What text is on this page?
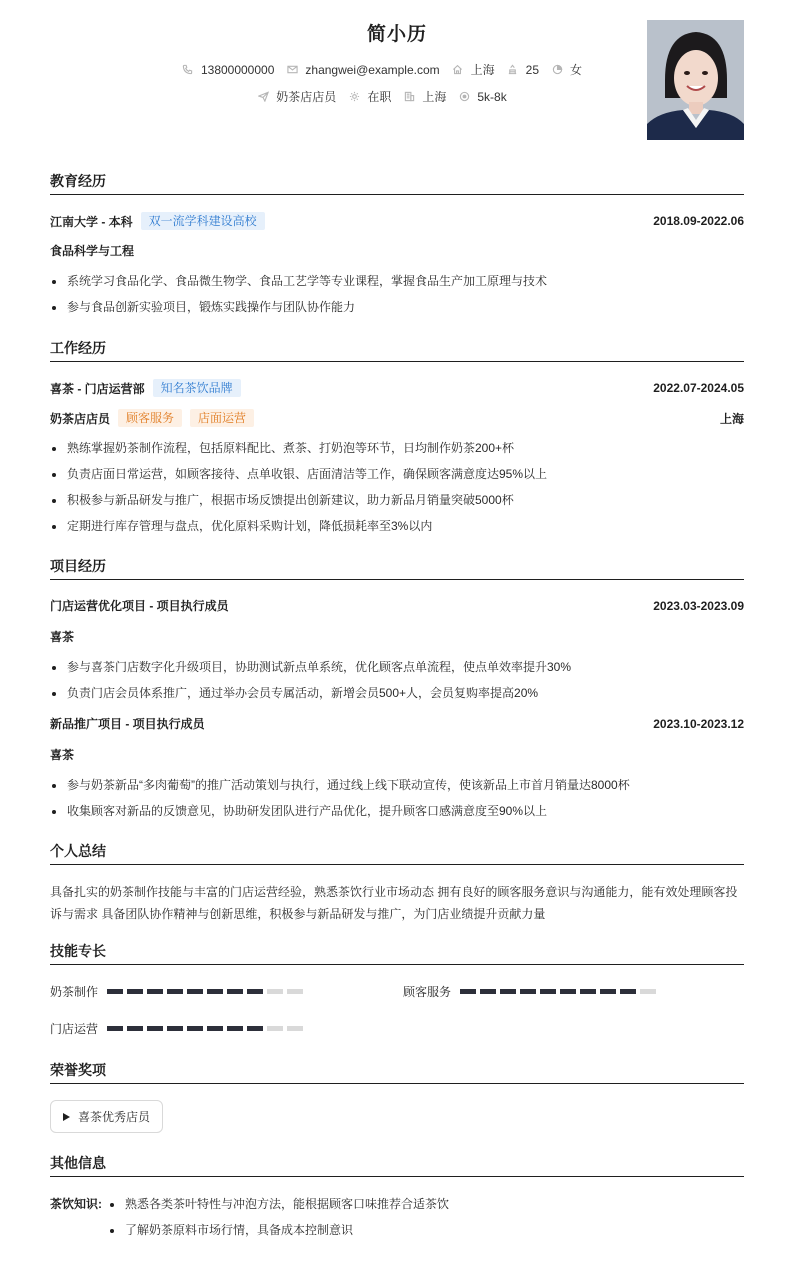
简小历
13800000000	zhangwei@example.com	上海	25	女
奶茶店店员	在职	上海	5k-8k
教育经历
江南大学 - 本科	双一流学科建设高校	2018.09-2022.06
食品科学与工程
系统学习食品化学、食品微生物学、食品工艺学等专业课程，掌握食品生产加工原理与技术
参与食品创新实验项目，锻炼实践操作与团队协作能力
工作经历
喜茶 - 门店运营部	知名茶饮品牌	2022.07-2024.05
奶茶店店员	顾客服务	店面运营	上海
熟练掌握奶茶制作流程，包括原料配比、煮茶、打奶泡等环节，日均制作奶茶200+杯
负责店面日常运营，如顾客接待、点单收银、店面清洁等工作，确保顾客满意度达95%以上
积极参与新品研发与推广，根据市场反馈提出创新建议，助力新品月销量突破5000杯
定期进行库存管理与盘点，优化原料采购计划，降低损耗率至3%以内
项目经历
门店运营优化项目 - 项目执行成员	2023.03-2023.09
喜茶
参与喜茶门店数字化升级项目，协助测试新点单系统，优化顾客点单流程，使点单效率提升30%
负责门店会员体系推广，通过举办会员专属活动，新增会员500+人，会员复购率提高20%
新品推广项目 - 项目执行成员	2023.10-2023.12
喜茶
参与奶茶新品“多肉葡萄”的推广活动策划与执行，通过线上线下联动宣传，使该新品上市首月销量达8000杯
收集顾客对新品的反馈意见，协助研发团队进行产品优化，提升顾客口感满意度至90%以上
个人总结
具备扎实的奶茶制作技能与丰富的门店运营经验，熟悉茶饮行业市场动态 拥有良好的顾客服务意识与沟通能力，能有效处理顾客投诉与需求 具备团队协作精神与创新思维，积极参与新品研发与推广，为门店业绩提升贡献力量
技能专长
奶茶制作	顾客服务
门店运营
荣誉奖项
喜茶优秀店员
其他信息
茶饮知识:	熟悉各类茶叶特性与冲泡方法，能根据顾客口味推荐合适茶饮
了解奶茶原料市场行情，具备成本控制意识
